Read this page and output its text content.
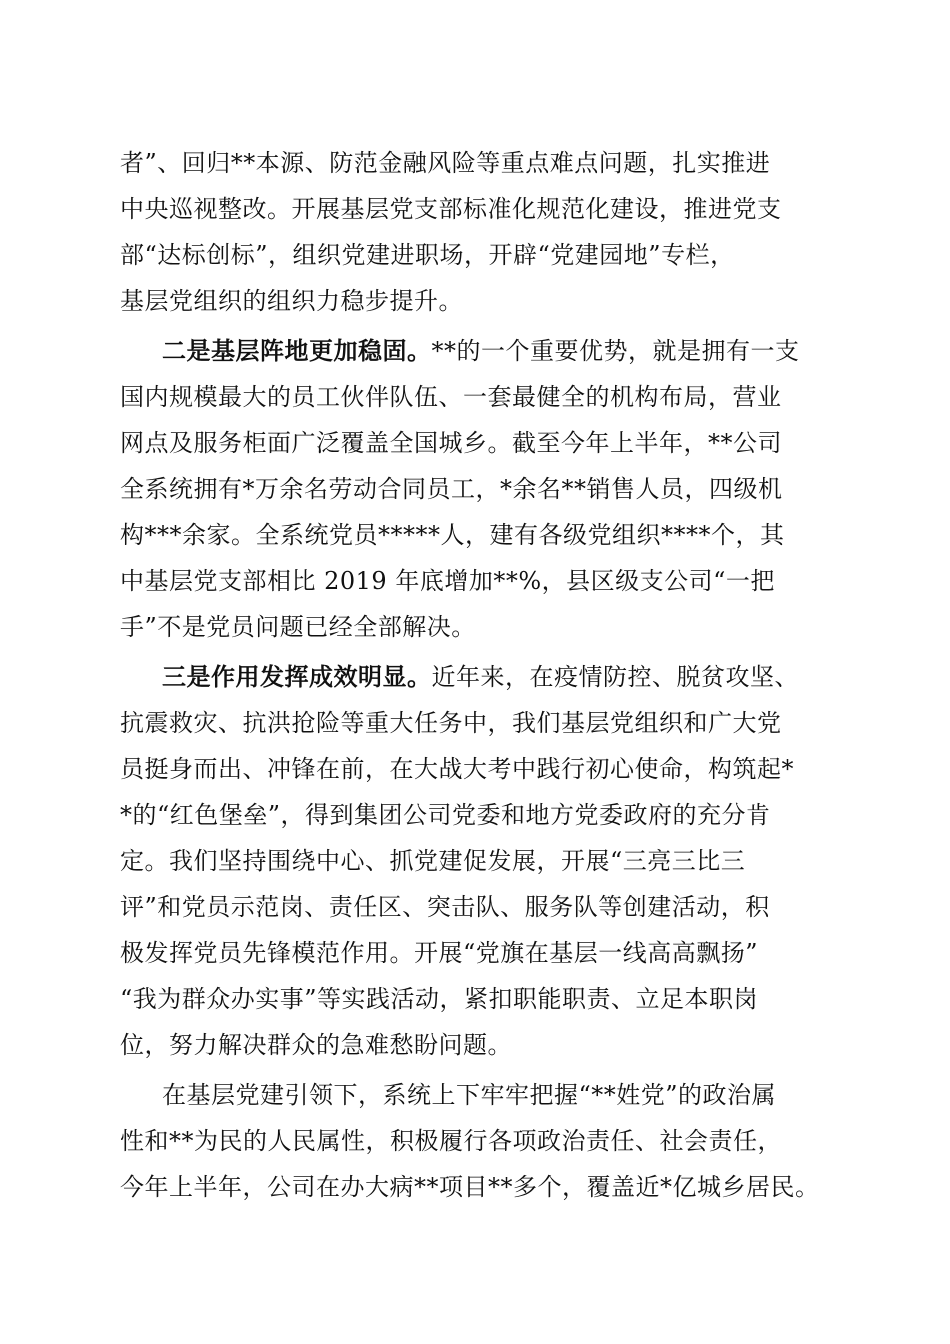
者”、回归**本源、防范金融风险等重点难点问题，扎实推进
中央巡视整改。开展基层党支部标准化规范化建设，推进党支
部“达标创标”，组织党建进职场，开辟“党建园地”专栏，
基层党组织的组织力稳步提升。
二是基层阵地更加稳固。**的一个重要优势，就是拥有一支
国内规模最大的员工伙伴队伍、一套最健全的机构布局，营业
网点及服务柜面广泛覆盖全国城乡。截至今年上半年，**公司
全系统拥有*万余名劳动合同员工，*余名**销售人员，四级机
构***余家。全系统党员*****人，建有各级党组织****个，其
中基层党支部相比 2019 年底增加**%，县区级支公司“一把
手”不是党员问题已经全部解决。
三是作用发挥成效明显。近年来，在疫情防控、脱贫攻坚、
抗震救灾、抗洪抢险等重大任务中，我们基层党组织和广大党
员挺身而出、冲锋在前，在大战大考中践行初心使命，构筑起*
*的“红色堡垒”，得到集团公司党委和地方党委政府的充分肯
定。我们坚持围绕中心、抓党建促发展，开展“三亮三比三
评”和党员示范岗、责任区、突击队、服务队等创建活动，积
极发挥党员先锋模范作用。开展“党旗在基层一线高高飘扬”
“我为群众办实事”等实践活动，紧扣职能职责、立足本职岗
位，努力解决群众的急难愁盼问题。
在基层党建引领下，系统上下牢牢把握“**姓党”的政治属
性和**为民的人民属性，积极履行各项政治责任、社会责任，
今年上半年，公司在办大病**项目**多个，覆盖近*亿城乡居民。
